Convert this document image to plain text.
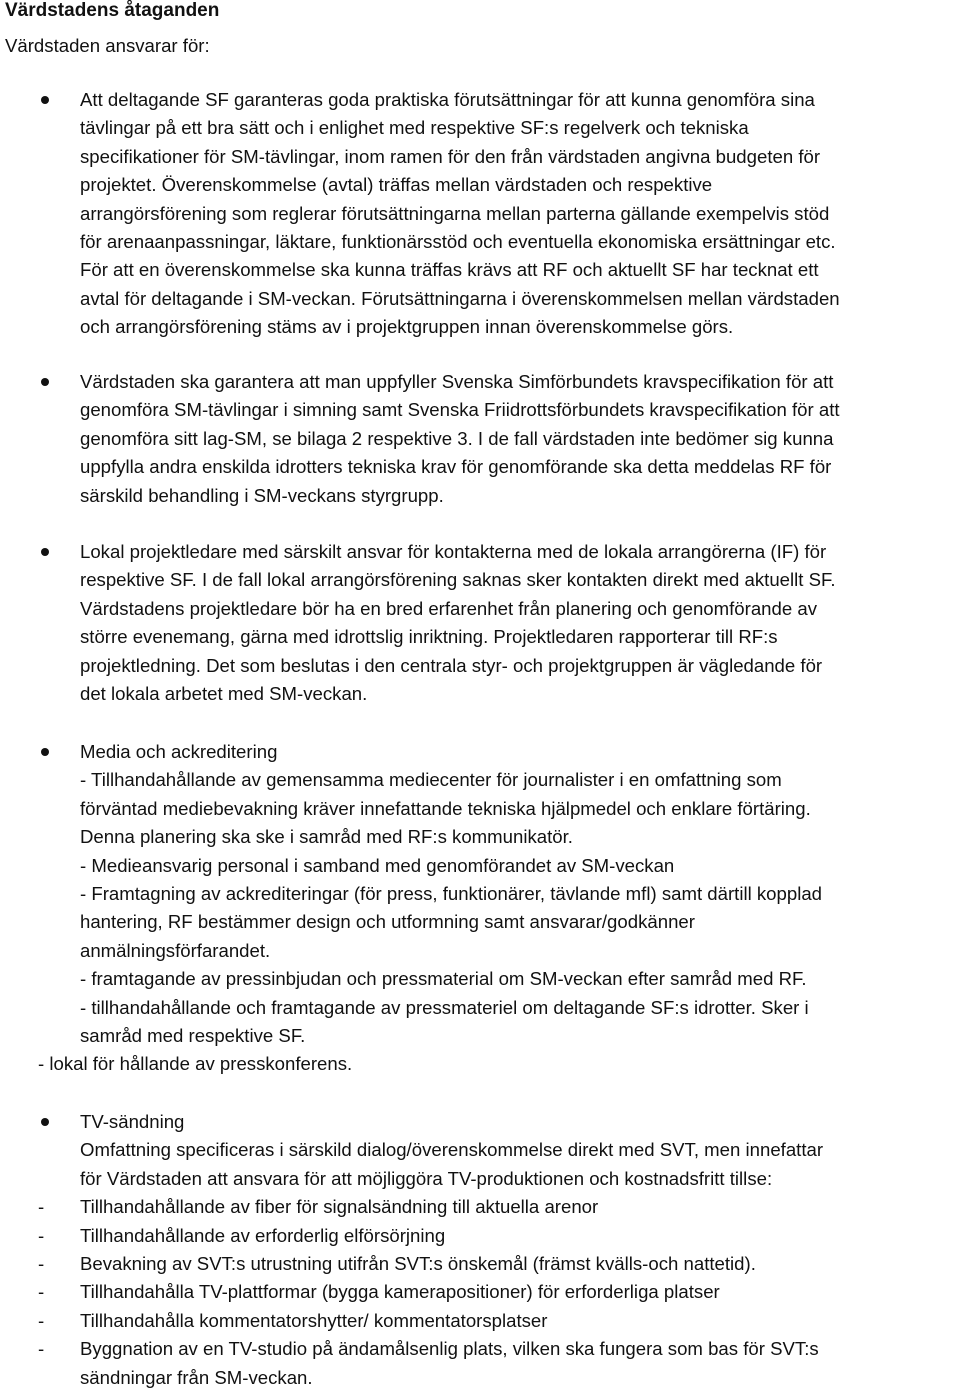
Värdstadens åtaganden
Värdstaden ansvarar för:
Att deltagande SF garanteras goda praktiska förutsättningar för att kunna genomföra sina
tävlingar på ett bra sätt och i enlighet med respektive SF:s regelverk och tekniska
specifikationer för SM-tävlingar, inom ramen för den från värdstaden angivna budgeten för
projektet. Överenskommelse (avtal) träffas mellan värdstaden och respektive
arrangörsförening som reglerar förutsättningarna mellan parterna gällande exempelvis stöd
för arenaanpassningar, läktare, funktionärsstöd och eventuella ekonomiska ersättningar etc.
För att en överenskommelse ska kunna träffas krävs att RF och aktuellt SF har tecknat ett
avtal för deltagande i SM-veckan. Förutsättningarna i överenskommelsen mellan värdstaden
och arrangörsförening stäms av i projektgruppen innan överenskommelse görs.
Värdstaden ska garantera att man uppfyller Svenska Simförbundets kravspecifikation för att
genomföra SM-tävlingar i simning samt Svenska Friidrottsförbundets kravspecifikation för att
genomföra sitt lag-SM, se bilaga 2 respektive 3. I de fall värdstaden inte bedömer sig kunna
uppfylla andra enskilda idrotters tekniska krav för genomförande ska detta meddelas RF för
särskild behandling i SM-veckans styrgrupp.
Lokal projektledare med särskilt ansvar för kontakterna med de lokala arrangörerna (IF) för
respektive SF. I de fall lokal arrangörsförening saknas sker kontakten direkt med aktuellt SF.
Värdstadens projektledare bör ha en bred erfarenhet från planering och genomförande av
större evenemang, gärna med idrottslig inriktning. Projektledaren rapporterar till RF:s
projektledning. Det som beslutas i den centrala styr- och projektgruppen är vägledande för
det lokala arbetet med SM-veckan.
Media och ackreditering
- Tillhandahållande av gemensamma mediecenter för journalister i en omfattning som
förväntad mediebevakning kräver innefattande tekniska hjälpmedel och enklare förtäring.
Denna planering ska ske i samråd med RF:s kommunikatör.
- Medieansvarig personal i samband med genomförandet av SM-veckan
- Framtagning av ackrediteringar (för press, funktionärer, tävlande mfl) samt därtill kopplad
hantering, RF bestämmer design och utformning samt ansvarar/godkänner
anmälningsförfarandet.
- framtagande av pressinbjudan och pressmaterial om SM-veckan efter samråd med RF.
- tillhandahållande och framtagande av pressmateriel om deltagande SF:s idrotter. Sker i
samråd med respektive SF.
- lokal för hållande av presskonferens.
TV-sändning
Omfattning specificeras i särskild dialog/överenskommelse direkt med SVT, men innefattar
för Värdstaden att ansvara för att möjliggöra TV-produktionen och kostnadsfritt tillse:
- Tillhandahållande av fiber för signalsändning till aktuella arenor
- Tillhandahållande av erforderlig elförsörjning
- Bevakning av SVT:s utrustning utifrån SVT:s önskemål (främst kvälls-och nattetid).
- Tillhandahålla TV-plattformar (bygga kamerapositioner) för erforderliga platser
- Tillhandahålla kommentatorshytter/ kommentatorsplatser
- Byggnation av en TV-studio på ändamålsenlig plats, vilken ska fungera som bas för SVT:s
sändningar från SM-veckan.
